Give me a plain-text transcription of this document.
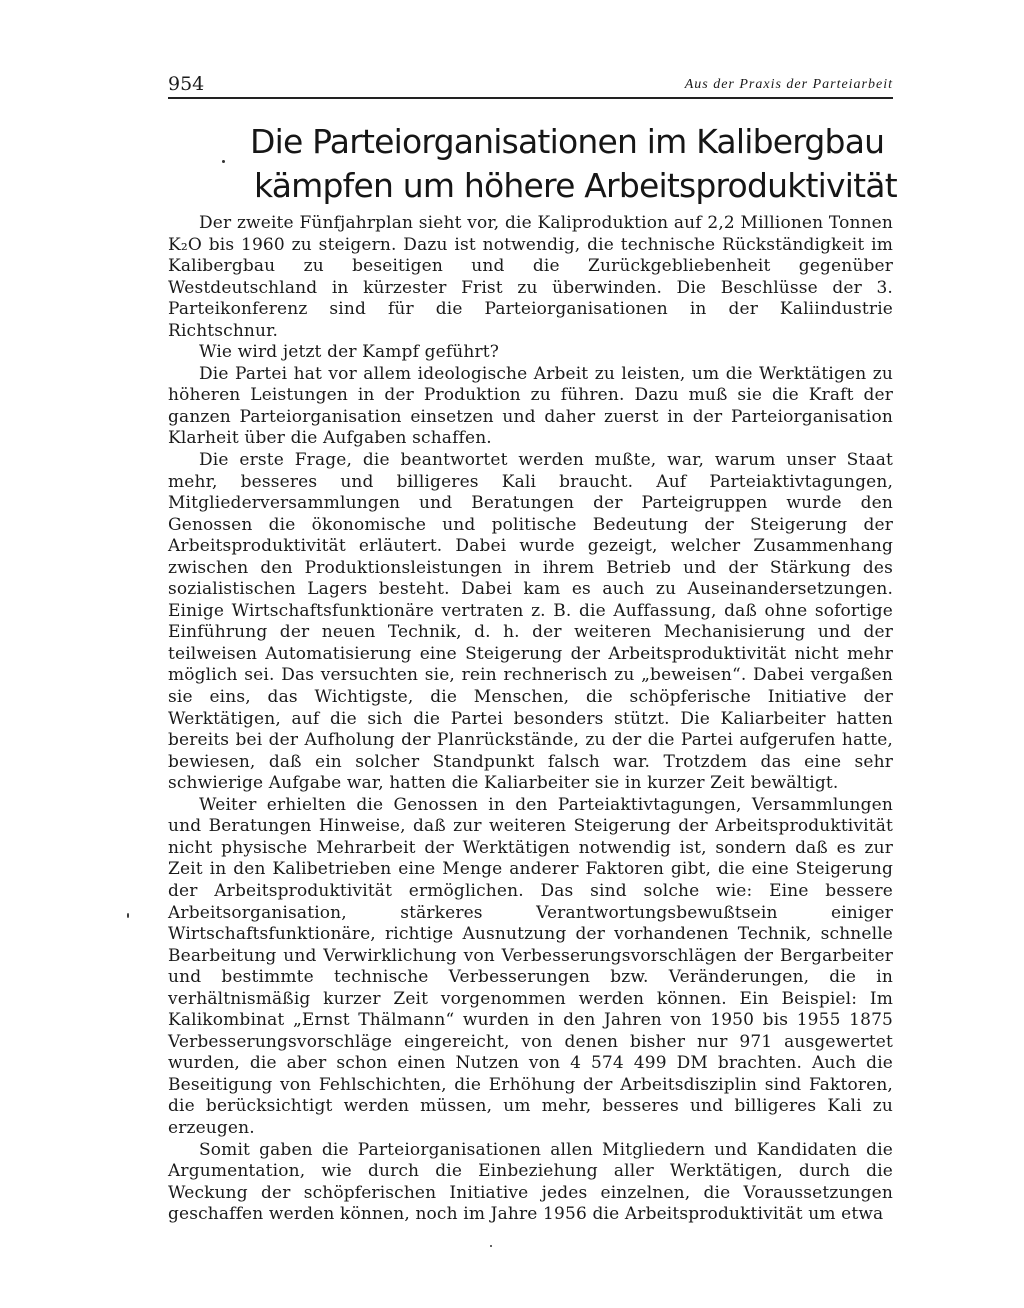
954	Aus der Praxis der Parteiarbeit
Die Parteiorganisationen im Kalibergbau
kämpfen um höhere Arbeitsproduktivität

Der zweite Fünfjahrplan sieht vor, die Kaliproduktion auf 2,2 Millionen Tonnen K₂O bis 1960 zu steigern. Dazu ist notwendig, die technische Rückständigkeit im Kalibergbau zu beseitigen und die Zurückgebliebenheit gegenüber Westdeutschland in kürzester Frist zu überwinden. Die Beschlüsse der 3. Parteikonferenz sind für die Parteiorganisationen in der Kaliindustrie Richtschnur.

Wie wird jetzt der Kampf geführt?

Die Partei hat vor allem ideologische Arbeit zu leisten, um die Werktätigen zu höheren Leistungen in der Produktion zu führen. Dazu muß sie die Kraft der ganzen Parteiorganisation einsetzen und daher zuerst in der Parteiorganisation Klarheit über die Aufgaben schaffen.

Die erste Frage, die beantwortet werden mußte, war, warum unser Staat mehr, besseres und billigeres Kali braucht. Auf Parteiaktivtagungen, Mitgliederversammlungen und Beratungen der Parteigruppen wurde den Genossen die ökonomische und politische Bedeutung der Steigerung der Arbeitsproduktivität erläutert. Dabei wurde gezeigt, welcher Zusammenhang zwischen den Produktionsleistungen in ihrem Betrieb und der Stärkung des sozialistischen Lagers besteht. Dabei kam es auch zu Auseinandersetzungen. Einige Wirtschaftsfunktionäre vertraten z. B. die Auffassung, daß ohne sofortige Einführung der neuen Technik, d. h. der weiteren Mechanisierung und der teilweisen Automatisierung eine Steigerung der Arbeitsproduktivität nicht mehr möglich sei. Das versuchten sie, rein rechnerisch zu „beweisen“. Dabei vergaßen sie eins, das Wichtigste, die Menschen, die schöpferische Initiative der Werktätigen, auf die sich die Partei besonders stützt. Die Kaliarbeiter hatten bereits bei der Aufholung der Planrückstände, zu der die Partei aufgerufen hatte, bewiesen, daß ein solcher Standpunkt falsch war. Trotzdem das eine sehr schwierige Aufgabe war, hatten die Kaliarbeiter sie in kurzer Zeit bewältigt.

Weiter erhielten die Genossen in den Parteiaktivtagungen, Versammlungen und Beratungen Hinweise, daß zur weiteren Steigerung der Arbeitsproduktivität nicht physische Mehrarbeit der Werktätigen notwendig ist, sondern daß es zur Zeit in den Kalibetrieben eine Menge anderer Faktoren gibt, die eine Steigerung der Arbeitsproduktivität ermöglichen. Das sind solche wie: Eine bessere Arbeitsorganisation, stärkeres Verantwortungsbewußtsein einiger Wirtschaftsfunktionäre, richtige Ausnutzung der vorhandenen Technik, schnelle Bearbeitung und Verwirklichung von Verbesserungsvorschlägen der Bergarbeiter und bestimmte technische Verbesserungen bzw. Veränderungen, die in verhältnismäßig kurzer Zeit vorgenommen werden können. Ein Beispiel: Im Kalikombinat „Ernst Thälmann“ wurden in den Jahren von 1950 bis 1955 1875 Verbesserungsvorschläge eingereicht, von denen bisher nur 971 ausgewertet wurden, die aber schon einen Nutzen von 4 574 499 DM brachten. Auch die Beseitigung von Fehlschichten, die Erhöhung der Arbeitsdisziplin sind Faktoren, die berücksichtigt werden müssen, um mehr, besseres und billigeres Kali zu erzeugen.

Somit gaben die Parteiorganisationen allen Mitgliedern und Kandidaten die Argumentation, wie durch die Einbeziehung aller Werktätigen, durch die Weckung der schöpferischen Initiative jedes einzelnen, die Voraussetzungen geschaffen werden können, noch im Jahre 1956 die Arbeitsproduktivität um etwa
